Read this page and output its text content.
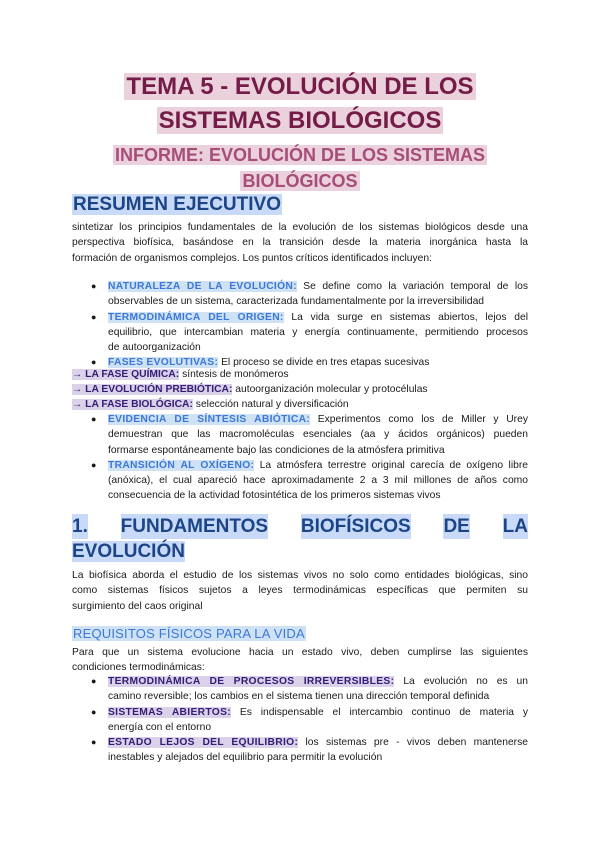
TEMA 5 - EVOLUCIÓN DE LOS
SISTEMAS BIOLÓGICOS
INFORME: EVOLUCIÓN DE LOS SISTEMAS
BIOLÓGICOS
RESUMEN EJECUTIVO
sintetizar los principios fundamentales de la evolución de los sistemas biológicos desde una
perspectiva biofísica, basándose en la transición desde la materia inorgánica hasta la
formación de organismos complejos. Los puntos críticos identificados incluyen:
● NATURALEZA DE LA EVOLUCIÓN: Se define como la variación temporal de los
observables de un sistema, caracterizada fundamentalmente por la irreversibilidad
● TERMODINÁMICA DEL ORIGEN: La vida surge en sistemas abiertos, lejos del
equilibrio, que intercambian materia y energía continuamente, permitiendo procesos
de autoorganización
● FASES EVOLUTIVAS: El proceso se divide en tres etapas sucesivas
→ LA FASE QUÍMICA: síntesis de monómeros
→ LA EVOLUCIÓN PREBIÓTICA: autoorganización molecular y protocélulas
→ LA FASE BIOLÓGICA: selección natural y diversificación
● EVIDENCIA DE SÍNTESIS ABIÓTICA: Experimentos como los de Miller y Urey
demuestran que las macromoléculas esenciales (aa y ácidos orgánicos) pueden
formarse espontáneamente bajo las condiciones de la atmósfera primitiva
● TRANSICIÓN AL OXÍGENO: La atmósfera terrestre original carecía de oxígeno libre
(anóxica), el cual apareció hace aproximadamente 2 a 3 mil millones de años como
consecuencia de la actividad fotosintética de los primeros sistemas vivos
1. FUNDAMENTOS BIOFÍSICOS DE LA
EVOLUCIÓN
La biofísica aborda el estudio de los sistemas vivos no solo como entidades biológicas, sino
como sistemas físicos sujetos a leyes termodinámicas específicas que permiten su
surgimiento del caos original
REQUISITOS FÍSICOS PARA LA VIDA
Para que un sistema evolucione hacia un estado vivo, deben cumplirse las siguientes
condiciones termodinámicas:
● TERMODINÁMICA DE PROCESOS IRREVERSIBLES: La evolución no es un
camino reversible; los cambios en el sistema tienen una dirección temporal definida
● SISTEMAS ABIERTOS: Es indispensable el intercambio continuo de materia y
energía con el entorno
● ESTADO LEJOS DEL EQUILIBRIO: los sistemas pre - vivos deben mantenerse
inestables y alejados del equilibrio para permitir la evolución
